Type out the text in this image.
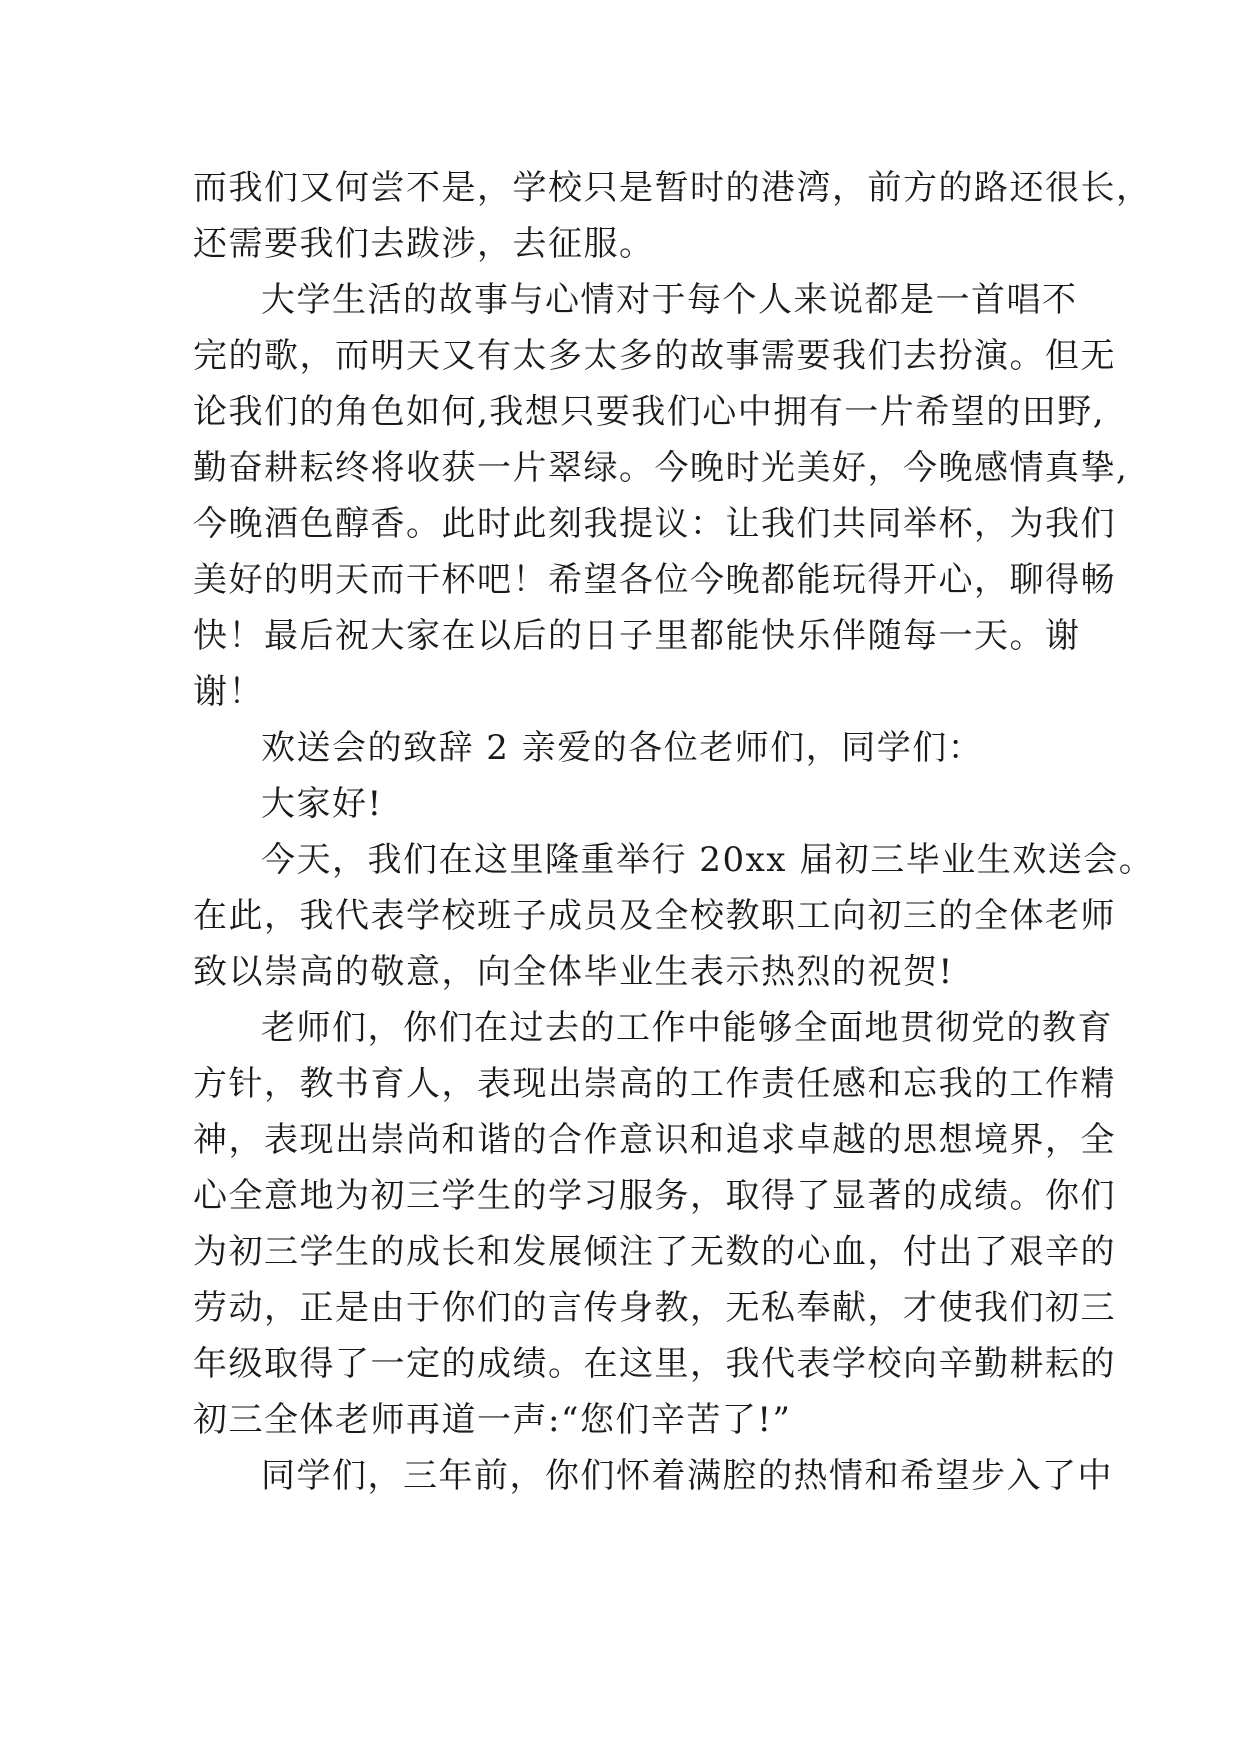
而我们又何尝不是，学校只是暂时的港湾，前方的路还很长，
还需要我们去跋涉，去征服。

大学生活的故事与心情对于每个人来说都是一首唱不
完的歌，而明天又有太多太多的故事需要我们去扮演。但无
论我们的角色如何,我想只要我们心中拥有一片希望的田野,
勤奋耕耘终将收获一片翠绿。今晚时光美好，今晚感情真挚,
今晚酒色醇香。此时此刻我提议：让我们共同举杯，为我们
美好的明天而干杯吧！希望各位今晚都能玩得开心，聊得畅
快！最后祝大家在以后的日子里都能快乐伴随每一天。谢
谢！

欢送会的致辞 2 亲爱的各位老师们，同学们：

大家好!

今天，我们在这里隆重举行 20xx 届初三毕业生欢送会。
在此，我代表学校班子成员及全校教职工向初三的全体老师
致以崇高的敬意，向全体毕业生表示热烈的祝贺!

老师们，你们在过去的工作中能够全面地贯彻党的教育
方针，教书育人，表现出崇高的工作责任感和忘我的工作精
神，表现出崇尚和谐的合作意识和追求卓越的思想境界，全
心全意地为初三学生的学习服务，取得了显著的成绩。你们
为初三学生的成长和发展倾注了无数的心血，付出了艰辛的
劳动，正是由于你们的言传身教，无私奉献，才使我们初三
年级取得了一定的成绩。在这里，我代表学校向辛勤耕耘的
初三全体老师再道一声:“您们辛苦了!”

同学们，三年前，你们怀着满腔的热情和希望步入了中
